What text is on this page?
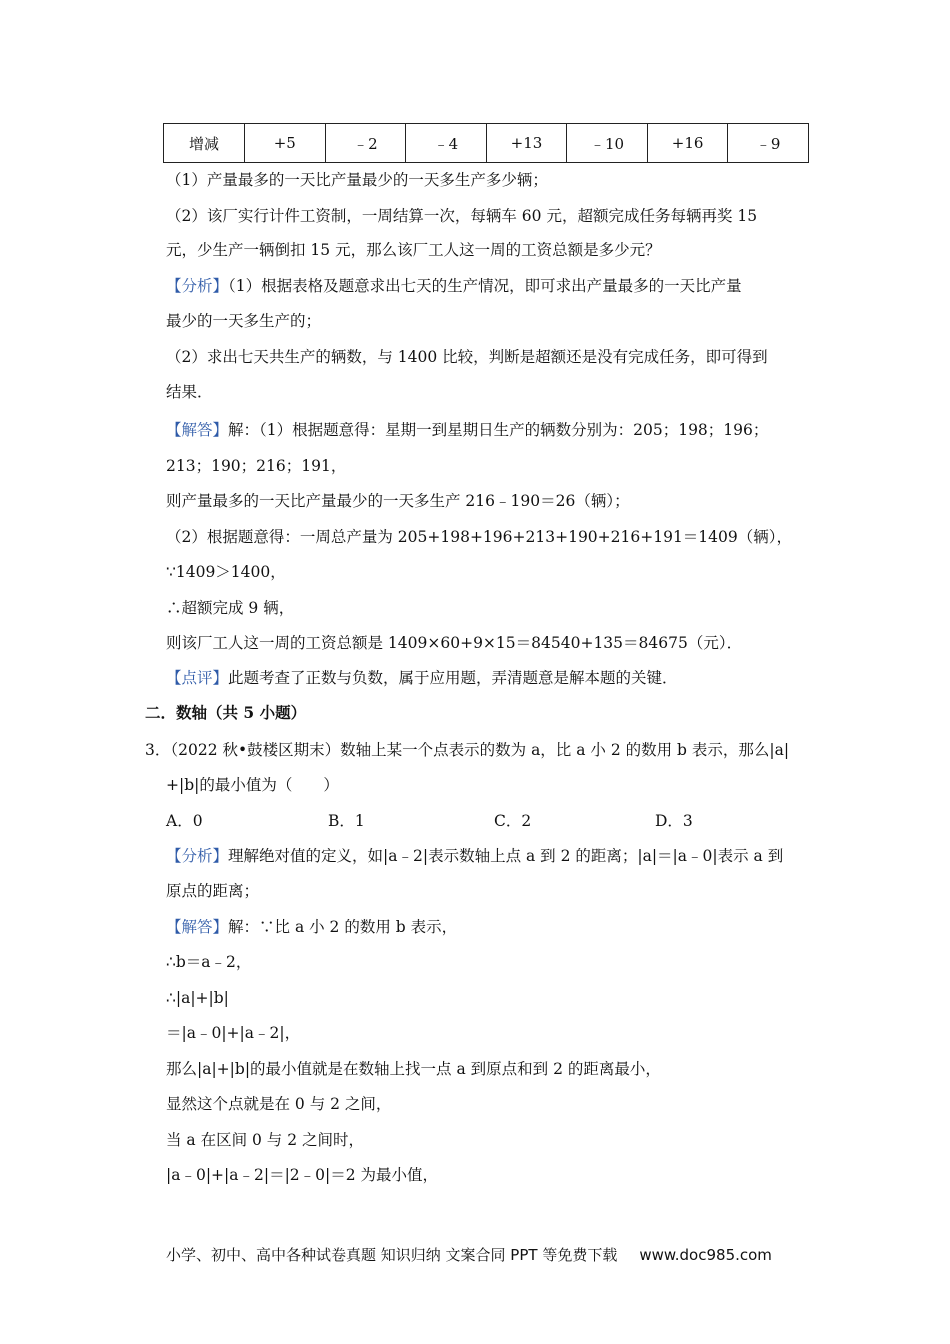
增减	+5	﹣2	﹣4	+13	﹣10	+16	﹣9
（1）产量最多的一天比产量最少的一天多生产多少辆；
（2）该厂实行计件工资制，一周结算一次，每辆车 60 元，超额完成任务每辆再奖 15
元，少生产一辆倒扣 15 元，那么该厂工人这一周的工资总额是多少元？
【分析】（1）根据表格及题意求出七天的生产情况，即可求出产量最多的一天比产量
最少的一天多生产的；
（2）求出七天共生产的辆数，与 1400 比较，判断是超额还是没有完成任务，即可得到
结果．
【解答】解：（1）根据题意得：星期一到星期日生产的辆数分别为：205；198；196；
213；190；216；191，
则产量最多的一天比产量最少的一天多生产 216﹣190＝26（辆）；
（2）根据题意得：一周总产量为 205+198+196+213+190+216+191＝1409（辆），
∵1409＞1400，
∴超额完成 9 辆，
则该厂工人这一周的工资总额是 1409×60+9×15＝84540+135＝84675（元）．
【点评】此题考查了正数与负数，属于应用题，弄清题意是解本题的关键．
二．数轴（共 5 小题）
3．（2022 秋•鼓楼区期末）数轴上某一个点表示的数为 a，比 a 小 2 的数用 b 表示，那么|a|
+|b|的最小值为（　　）
A．0	B．1	C．2	D．3
【分析】理解绝对值的定义，如|a﹣2|表示数轴上点 a 到 2 的距离；|a|＝|a﹣0|表示 a 到
原点的距离；
【解答】解：∵比 a 小 2 的数用 b 表示，
∴b＝a﹣2，
∴|a|+|b|
＝|a﹣0|+|a﹣2|，
那么|a|+|b|的最小值就是在数轴上找一点 a 到原点和到 2 的距离最小，
显然这个点就是在 0 与 2 之间，
当 a 在区间 0 与 2 之间时，
|a﹣0|+|a﹣2|＝|2﹣0|＝2 为最小值，
小学、初中、高中各种试卷真题 知识归纳 文案合同 PPT 等免费下载 www.doc985.com
